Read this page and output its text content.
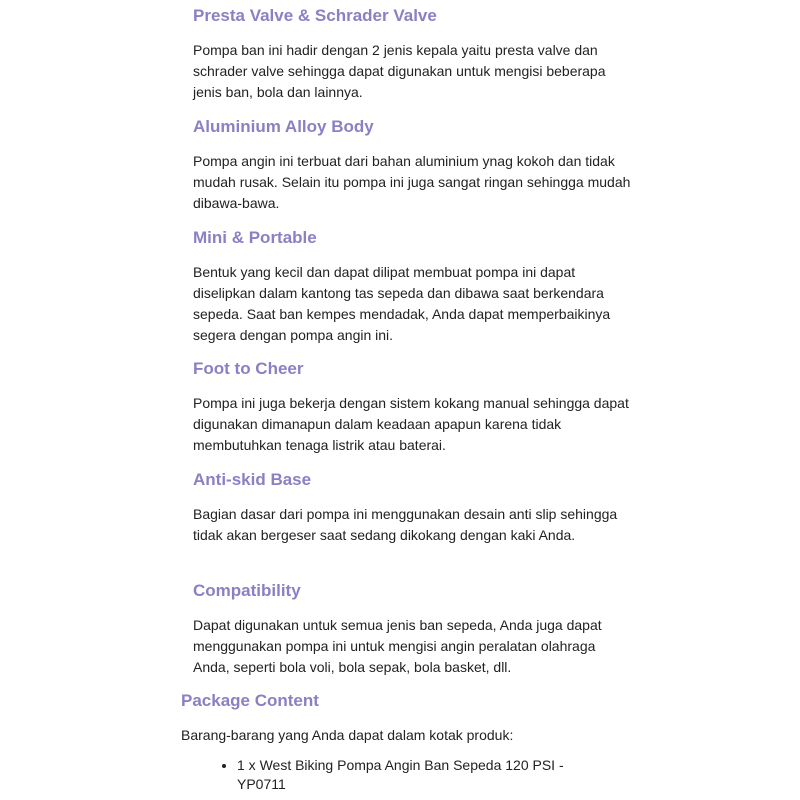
Presta Valve & Schrader Valve

Pompa ban ini hadir dengan 2 jenis kepala yaitu presta valve dan schrader valve sehingga dapat digunakan untuk mengisi beberapa jenis ban, bola dan lainnya.

Aluminium Alloy Body

Pompa angin ini terbuat dari bahan aluminium ynag kokoh dan tidak mudah rusak. Selain itu pompa ini juga sangat ringan sehingga mudah dibawa-bawa.

Mini & Portable

Bentuk yang kecil dan dapat dilipat membuat pompa ini dapat diselipkan dalam kantong tas sepeda dan dibawa saat berkendara sepeda. Saat ban kempes mendadak, Anda dapat memperbaikinya segera dengan pompa angin ini.

Foot to Cheer

Pompa ini juga bekerja dengan sistem kokang manual sehingga dapat digunakan dimanapun dalam keadaan apapun karena tidak membutuhkan tenaga listrik atau baterai.

Anti-skid Base

Bagian dasar dari pompa ini menggunakan desain anti slip sehingga tidak akan bergeser saat sedang dikokang dengan kaki Anda.

Compatibility

Dapat digunakan untuk semua jenis ban sepeda, Anda juga dapat menggunakan pompa ini untuk mengisi angin peralatan olahraga Anda, seperti bola voli, bola sepak, bola basket, dll.

Package Content

Barang-barang yang Anda dapat dalam kotak produk:

• 1 x West Biking Pompa Angin Ban Sepeda 120 PSI - YP0711
